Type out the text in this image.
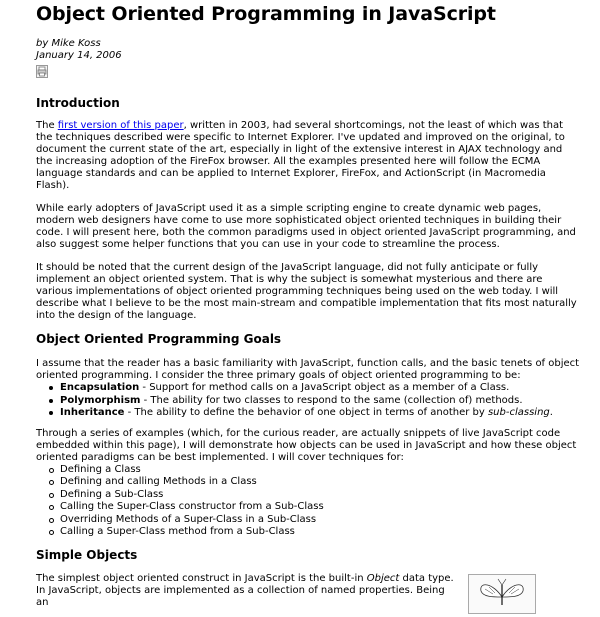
Object Oriented Programming in JavaScript
by Mike Koss
January 14, 2006
Introduction

The first version of this paper, written in 2003, had several shortcomings, not the least of which was that the techniques described were specific to Internet Explorer. I've updated and improved on the original, to document the current state of the art, especially in light of the extensive interest in AJAX technology and the increasing adoption of the FireFox browser. All the examples presented here will follow the ECMA language standards and can be applied to Internet Explorer, FireFox, and ActionScript (in Macromedia Flash).

While early adopters of JavaScript used it as a simple scripting engine to create dynamic web pages, modern web designers have come to use more sophisticated object oriented techniques in building their code. I will present here, both the common paradigms used in object oriented JavaScript programming, and also suggest some helper functions that you can use in your code to streamline the process.

It should be noted that the current design of the JavaScript language, did not fully anticipate or fully implement an object oriented system. That is why the subject is somewhat mysterious and there are various implementations of object oriented programming techniques being used on the web today. I will describe what I believe to be the most main-stream and compatible implementation that fits most naturally into the design of the language.

Object Oriented Programming Goals

I assume that the reader has a basic familiarity with JavaScript, function calls, and the basic tenets of object oriented programming. I consider the three primary goals of object oriented programming to be:

Encapsulation - Support for method calls on a JavaScript object as a member of a Class.
Polymorphism - The ability for two classes to respond to the same (collection of) methods.
Inheritance - The ability to define the behavior of one object in terms of another by sub-classing.

Through a series of examples (which, for the curious reader, are actually snippets of live JavaScript code embedded within this page), I will demonstrate how objects can be used in JavaScript and how these object oriented paradigms can be best implemented. I will cover techniques for:

Defining a Class
Defining and calling Methods in a Class
Defining a Sub-Class
Calling the Super-Class constructor from a Sub-Class
Overriding Methods of a Super-Class in a Sub-Class
Calling a Super-Class method from a Sub-Class
Simple Objects

The simplest object oriented construct in JavaScript is the built-in Object data type. In JavaScript, objects are implemented as a collection of named properties. Being an
